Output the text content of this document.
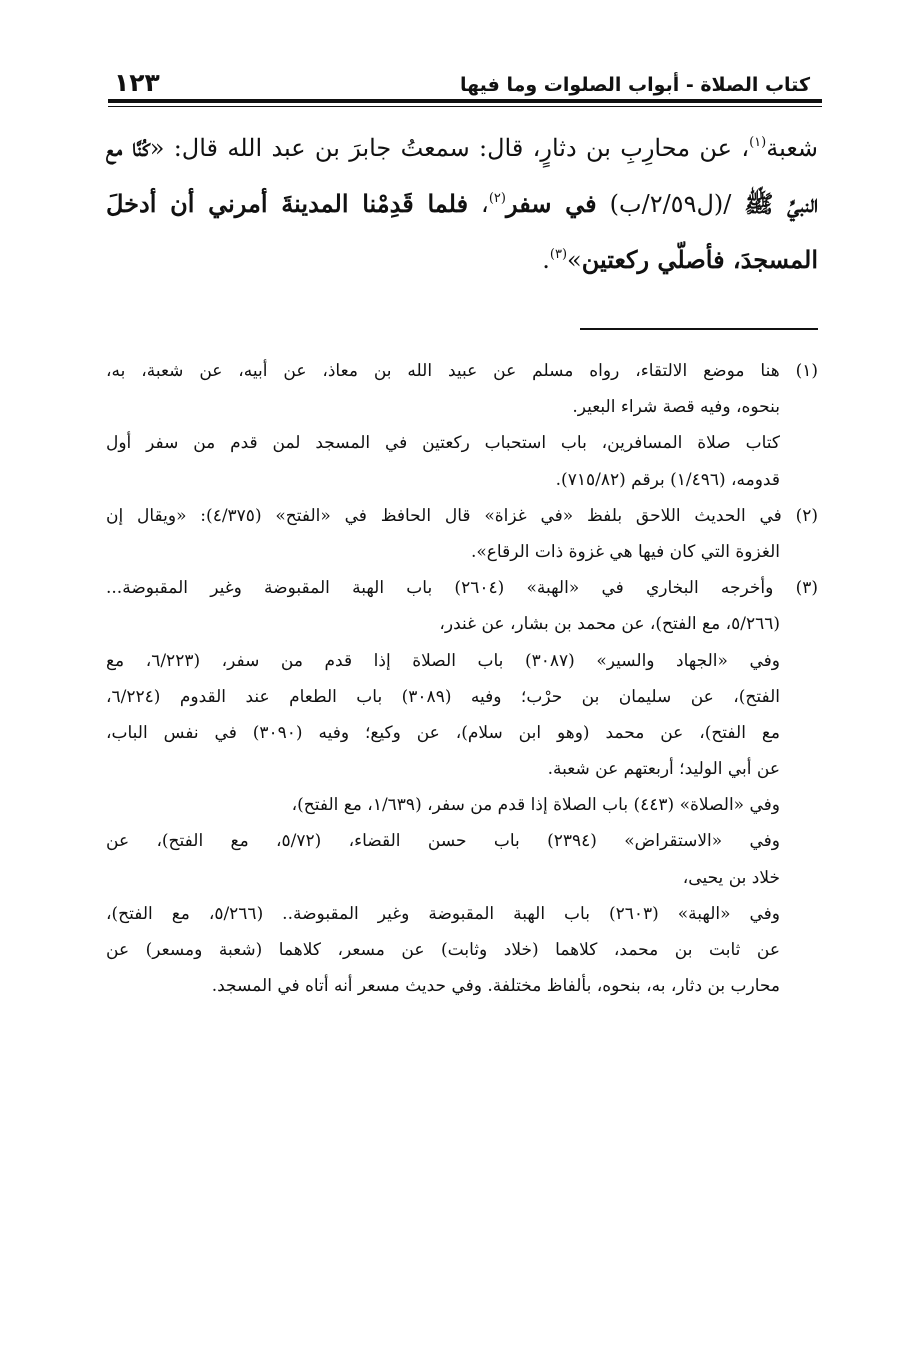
كتاب الصلاة - أبواب الصلوات وما فيها
١٢٣
شعبة$^{(١)}$، عن محارِبِ بن دثارٍ، قال: سمعتُ جابرَ بن عبد الله قال: «كُنَّا مع النبيِّ ﷺ /(ل٢/٥٩/ب) في سفر$^{(٢)}$، فلما قَدِمْنا المدينةَ أمرني أن أدخلَ المسجدَ، فأصلّي ركعتين»$^{(٣)}$.
(١) هنا موضع الالتقاء، رواه مسلم عن عبيد الله بن معاذ، عن أبيه، عن شعبة، به،
بنحوه، وفيه قصة شراء البعير.
كتاب صلاة المسافرين، باب استحباب ركعتين في المسجد لمن قدم من سفر أول
قدومه، (١/٤٩٦) برقم (٧١٥/٨٢).
(٢) في الحديث اللاحق بلفظ «في غزاة» قال الحافظ في «الفتح» (٤/٣٧٥): «ويقال إن
الغزوة التي كان فيها هي غزوة ذات الرقاع».
(٣) وأخرجه البخاري في «الهبة» (٢٦٠٤) باب الهبة المقبوضة وغير المقبوضة...
(٥/٢٦٦، مع الفتح)، عن محمد بن بشار، عن غندر،
وفي «الجهاد والسير» (٣٠٨٧) باب الصلاة إذا قدم من سفر، (٦/٢٢٣، مع
الفتح)، عن سليمان بن حرْب؛ وفيه (٣٠٨٩) باب الطعام عند القدوم (٦/٢٢٤،
مع الفتح)، عن محمد (وهو ابن سلام)، عن وكيع؛ وفيه (٣٠٩٠) في نفس الباب،
عن أبي الوليد؛ أربعتهم عن شعبة.
وفي «الصلاة» (٤٤٣) باب الصلاة إذا قدم من سفر، (١/٦٣٩، مع الفتح)،
وفي «الاستقراض» (٢٣٩٤) باب حسن القضاء، (٥/٧٢، مع الفتح)، عن
خلاد بن يحيى،
وفي «الهبة» (٢٦٠٣) باب الهبة المقبوضة وغير المقبوضة.. (٥/٢٦٦، مع الفتح)،
عن ثابت بن محمد، كلاهما (خلاد وثابت) عن مسعر، كلاهما (شعبة ومسعر) عن
محارب بن دثار، به، بنحوه، بألفاظ مختلفة. وفي حديث مسعر أنه أتاه في المسجد.
